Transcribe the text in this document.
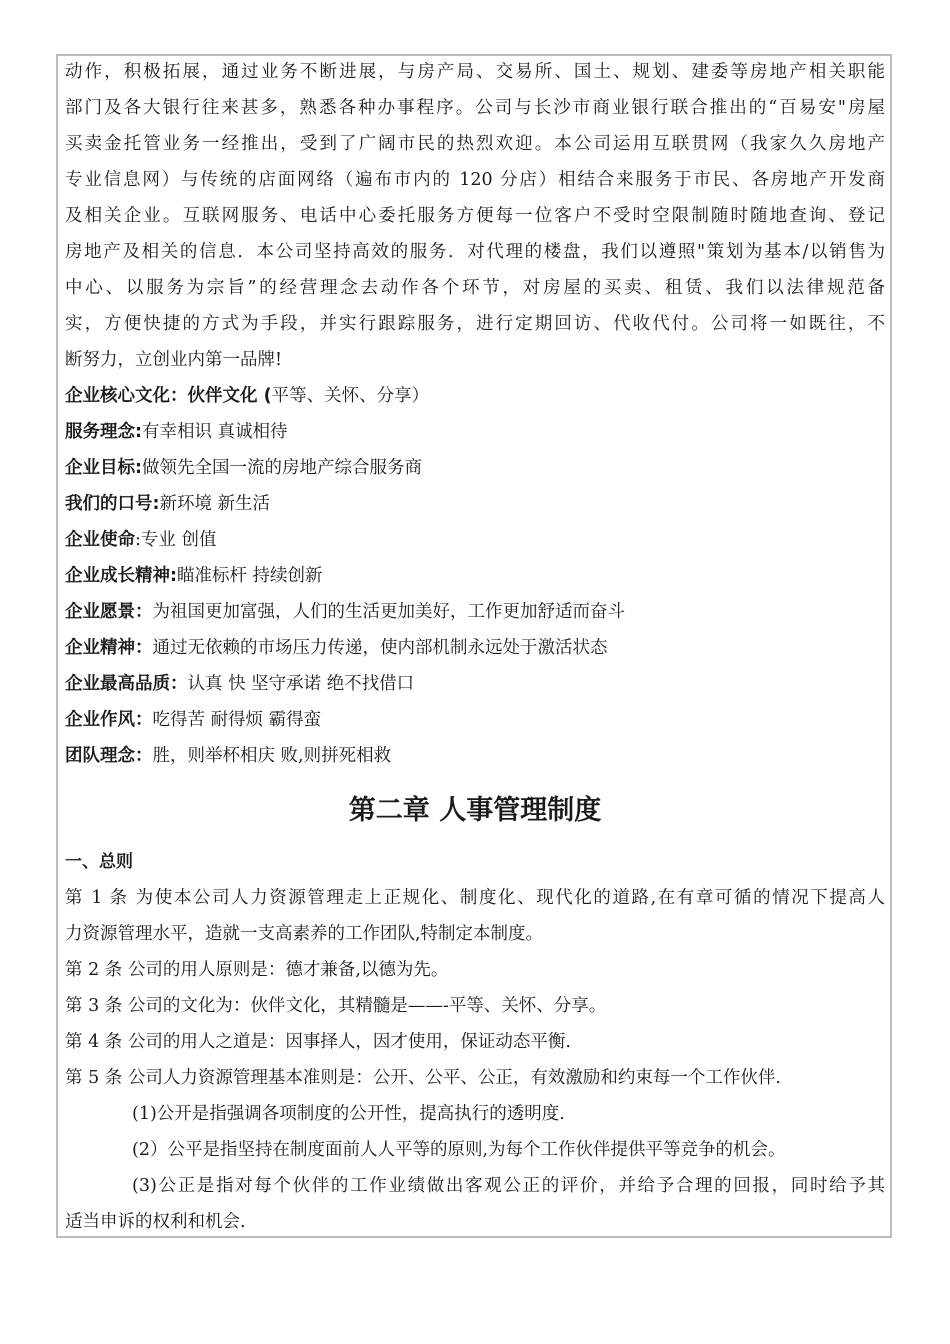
动作，积极拓展，通过业务不断进展，与房产局、交易所、国土、规划、建委等房地产相关职能
部门及各大银行往来甚多，熟悉各种办事程序。公司与长沙市商业银行联合推出的“百易安"房屋
买卖金托管业务一经推出，受到了广阔市民的热烈欢迎。本公司运用互联贯网（我家久久房地产
专业信息网）与传统的店面网络（遍布市内的 120 分店）相结合来服务于市民、各房地产开发商
及相关企业。互联网服务、电话中心委托服务方便每一位客户不受时空限制随时随地查询、登记
房地产及相关的信息．本公司坚持高效的服务．对代理的楼盘，我们以遵照"策划为基本/以销售为
中心、以服务为宗旨”的经营理念去动作各个环节，对房屋的买卖、租赁、我们以法律规范备
实，方便快捷的方式为手段，并实行跟踪服务，进行定期回访、代收代付。公司将一如既往，不
断努力，立创业内第一品牌!
企业核心文化：伙伴文化 (平等、关怀、分享）
服务理念:有幸相识 真诚相待
企业目标:做领先全国一流的房地产综合服务商
我们的口号:新环境 新生活
企业使命:专业 创值
企业成长精神:瞄准标杆 持续创新
企业愿景：为祖国更加富强，人们的生活更加美好，工作更加舒适而奋斗
企业精神：通过无依赖的市场压力传递，使内部机制永远处于激活状态
企业最高品质：认真 快 坚守承诺 绝不找借口
企业作风：吃得苦 耐得烦 霸得蛮
团队理念：胜，则举杯相庆 败,则拼死相救
第二章 人事管理制度
一、总则
第 1 条 为使本公司人力资源管理走上正规化、制度化、现代化的道路,在有章可循的情况下提高人
力资源管理水平，造就一支高素养的工作团队,特制定本制度。
第 2 条 公司的用人原则是：德才兼备,以德为先。
第 3 条 公司的文化为：伙伴文化，其精髓是——-平等、关怀、分享。
第 4 条 公司的用人之道是：因事择人，因才使用，保证动态平衡.
第 5 条 公司人力资源管理基本准则是：公开、公平、公正，有效激励和约束每一个工作伙伴.
(1)公开是指强调各项制度的公开性，提高执行的透明度.
(2）公平是指坚持在制度面前人人平等的原则,为每个工作伙伴提供平等竞争的机会。
(3)公正是指对每个伙伴的工作业绩做出客观公正的评价，并给予合理的回报，同时给予其
适当申诉的权利和机会.
